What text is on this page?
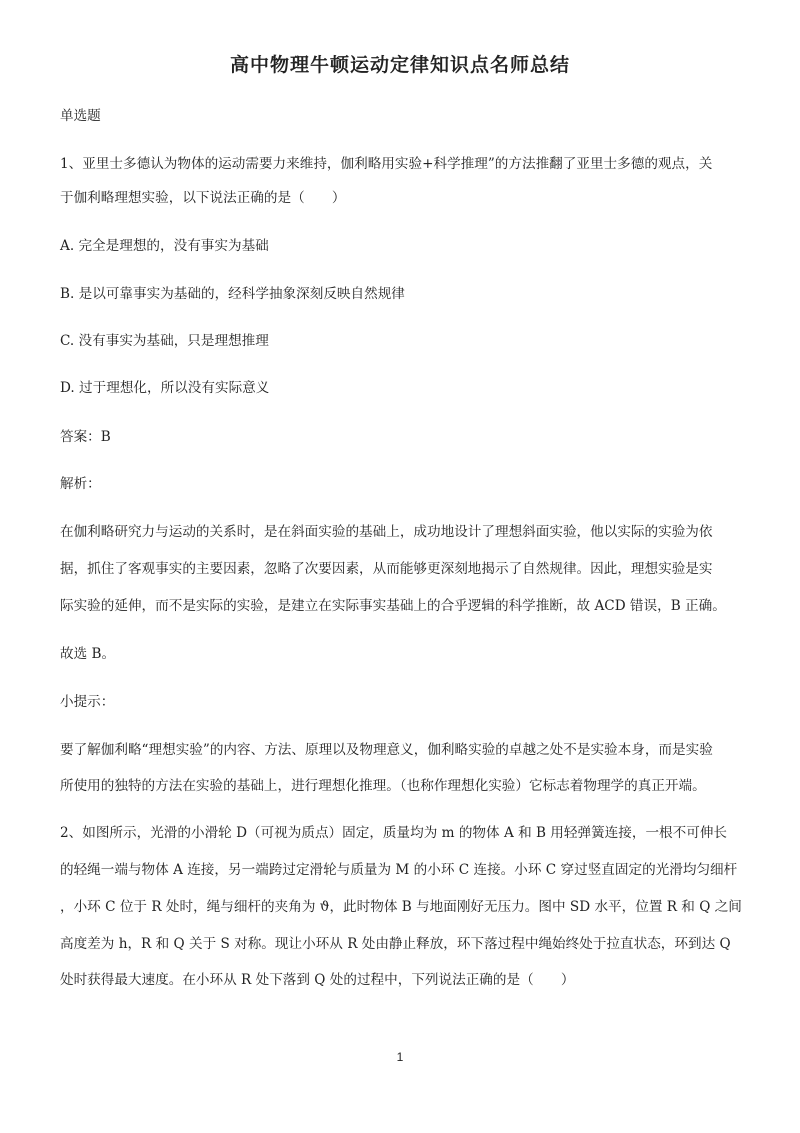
高中物理牛顿运动定律知识点名师总结
单选题
1、亚里士多德认为物体的运动需要力来维持，伽利略用实验+科学推理”的方法推翻了亚里士多德的观点，关
于伽利略理想实验，以下说法正确的是（　　）
A. 完全是理想的，没有事实为基础
B. 是以可靠事实为基础的，经科学抽象深刻反映自然规律
C. 没有事实为基础，只是理想推理
D. 过于理想化，所以没有实际意义
答案：B
解析：
在伽利略研究力与运动的关系时，是在斜面实验的基础上，成功地设计了理想斜面实验，他以实际的实验为依
据，抓住了客观事实的主要因素，忽略了次要因素，从而能够更深刻地揭示了自然规律。因此，理想实验是实
际实验的延伸，而不是实际的实验，是建立在实际事实基础上的合乎逻辑的科学推断，故 ACD 错误，B 正确。
故选 B。
小提示：
要了解伽利略“理想实验”的内容、方法、原理以及物理意义，伽利略实验的卓越之处不是实验本身，而是实验
所使用的独特的方法在实验的基础上，进行理想化推理。（也称作理想化实验）它标志着物理学的真正开端。
2、如图所示，光滑的小滑轮 D（可视为质点）固定，质量均为 m 的物体 A 和 B 用轻弹簧连接，一根不可伸长
的轻绳一端与物体 A 连接，另一端跨过定滑轮与质量为 M 的小环 C 连接。小环 C 穿过竖直固定的光滑均匀细杆
，小环 C 位于 R 处时，绳与细杆的夹角为 ϑ，此时物体 B 与地面刚好无压力。图中 SD 水平，位置 R 和 Q 之间
高度差为 h，R 和 Q 关于 S 对称。现让小环从 R 处由静止释放，环下落过程中绳始终处于拉直状态，环到达 Q
处时获得最大速度。在小环从 R 处下落到 Q 处的过程中，下列说法正确的是（　　）
1
